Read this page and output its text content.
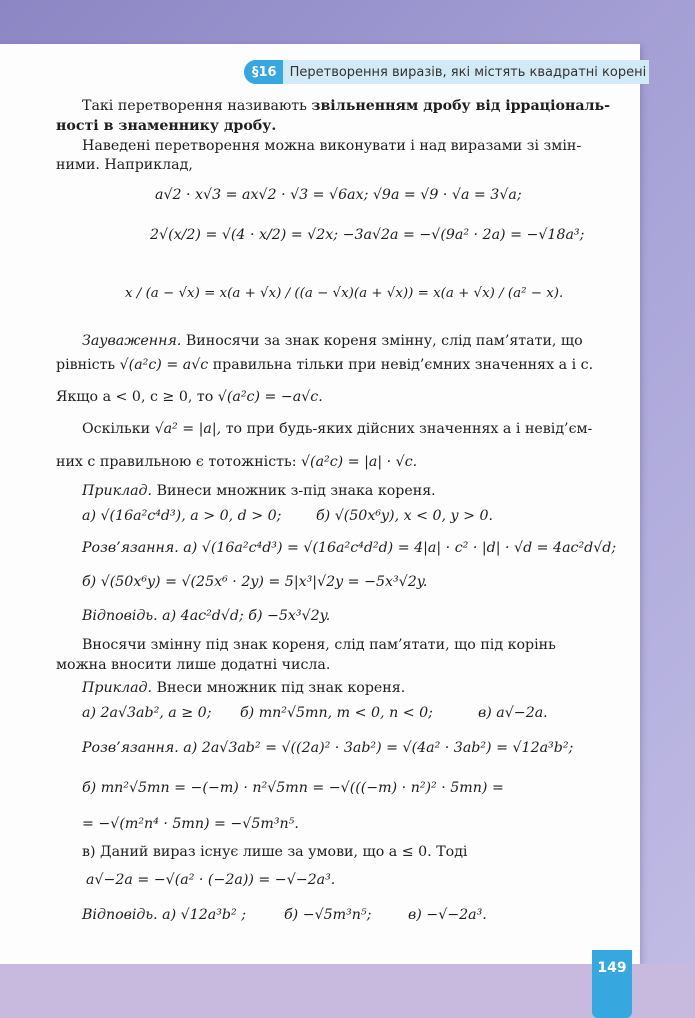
§16	Перетворення виразів, які містять квадратні корені
Такі перетворення називають звільненням дробу від ірраціональ-
ності в знаменнику дробу.
Наведені перетворення можна виконувати і над виразами зі змін-
ними. Наприклад,
a√2 · x√3 = ax√2 · √3 = √6ax; √9a = √9 · √a = 3√a;
2√(x/2) = √(4 · x/2) = √2x; −3a√2a = −√(9a² · 2a) = −√18a³;
x / (a − √x) = x(a + √x) / ((a − √x)(a + √x)) = x(a + √x) / (a² − x).
Зауваження. Виносячи за знак кореня змінну, слід пам’ятати, що
рівність √(a²c) = a√c правильна тільки при невід’ємних значеннях a і c.
Якщо a < 0, c ≥ 0, то √(a²c) = −a√c.
Оскільки √a² = |a|, то при будь-яких дійсних значеннях a і невід’єм-
них c правильною є тотожність: √(a²c) = |a| · √c.
Приклад. Винеси множник з-під знака кореня.
а) √(16a²c⁴d³), a > 0, d > 0; б) √(50x⁶y), x < 0, y > 0.
Розв’язання. а) √(16a²c⁴d³) = √(16a²c⁴d²d) = 4|a| · c² · |d| · √d = 4ac²d√d;
б) √(50x⁶y) = √(25x⁶ · 2y) = 5|x³|√2y = −5x³√2y.
Відповідь. а) 4ac²d√d; б) −5x³√2y.
Вносячи змінну під знак кореня, слід пам’ятати, що під корінь
можна вносити лише додатні числа.
Приклад. Внеси множник під знак кореня.
а) 2a√3ab², a ≥ 0; б) mn²√5mn, m < 0, n < 0;	в) a√−2a.
Розв’язання. а) 2a√3ab² = √((2a)² · 3ab²) = √(4a² · 3ab²) = √12a³b²;
б) mn²√5mn = −(−m) · n²√5mn = −√(((−m) · n²)² · 5mn) =
= −√(m²n⁴ · 5mn) = −√5m³n⁵.
в) Даний вираз існує лише за умови, що a ≤ 0. Тоді
a√−2a = −√(a² · (−2a)) = −√−2a³.
Відповідь. а) √12a³b² ;	б) −√5m³n⁵;	в) −√−2a³.
149
